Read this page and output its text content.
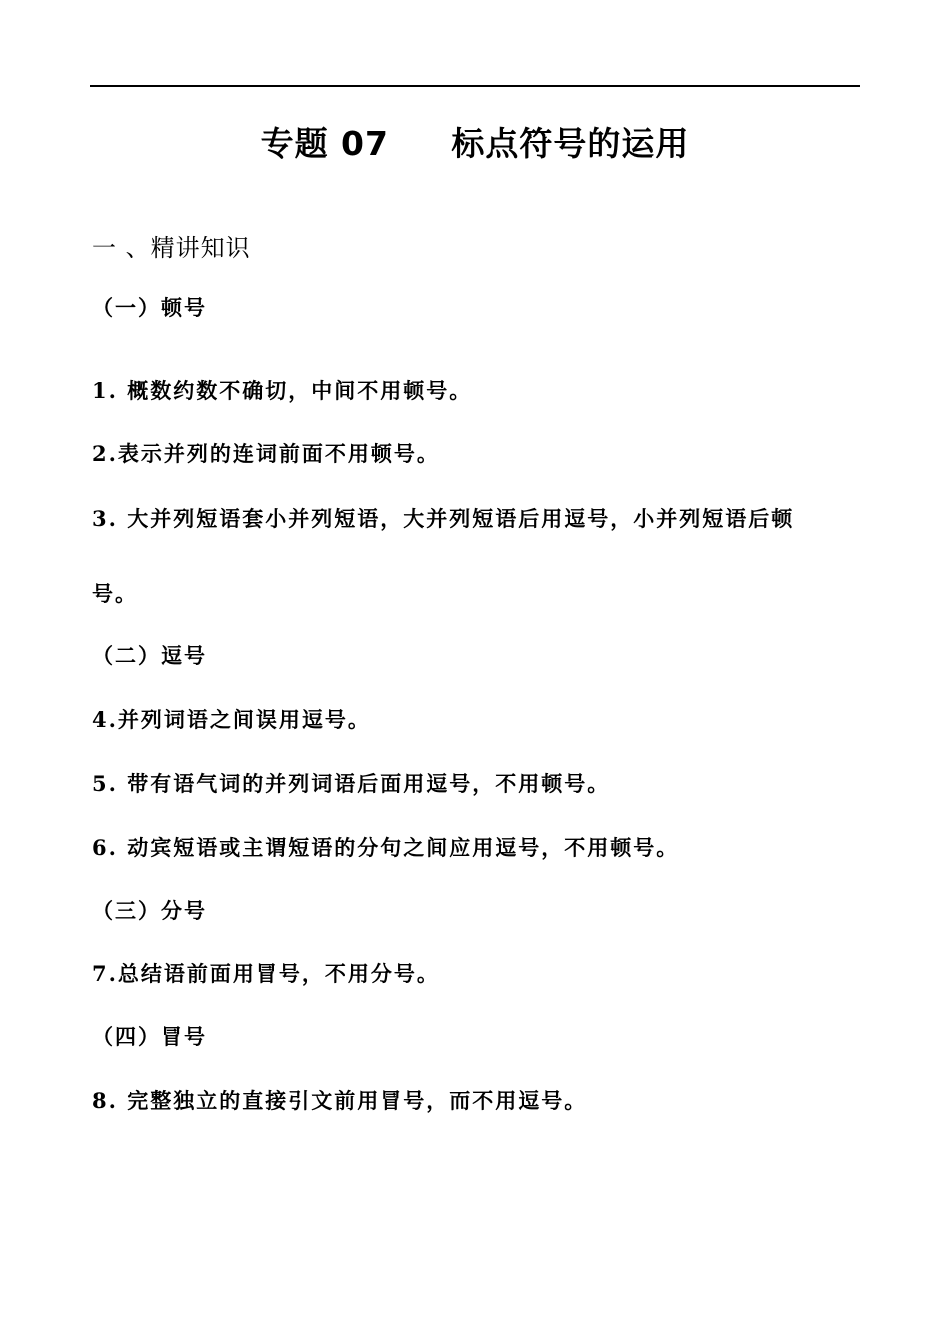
专题 07     标点符号的运用
一 、精讲知识
（一）顿号
1. 概数约数不确切，中间不用顿号。
2.表示并列的连词前面不用顿号。
3. 大并列短语套小并列短语，大并列短语后用逗号，小并列短语后顿
号。
（二）逗号
4.并列词语之间误用逗号。
5. 带有语气词的并列词语后面用逗号，不用顿号。
6. 动宾短语或主谓短语的分句之间应用逗号，不用顿号。
（三）分号
7.总结语前面用冒号，不用分号。
（四）冒号
8. 完整独立的直接引文前用冒号，而不用逗号。
